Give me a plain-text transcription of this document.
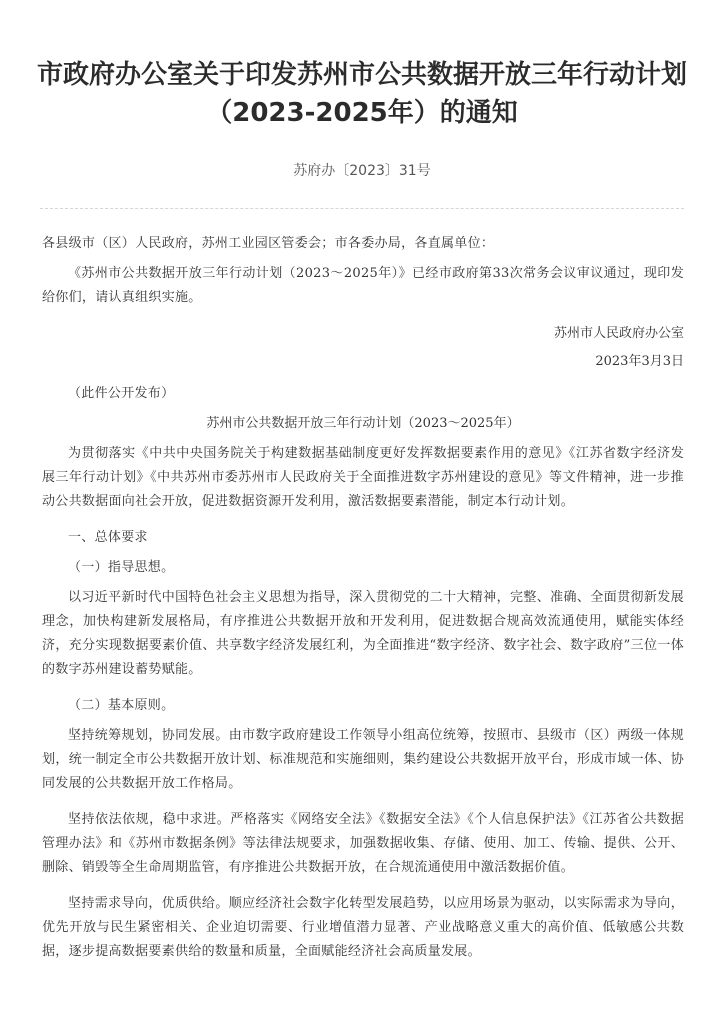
市政府办公室关于印发苏州市公共数据开放三年行动计划（2023-2025年）的通知
苏府办〔2023〕31号

各县级市（区）人民政府，苏州工业园区管委会；市各委办局，各直属单位：

《苏州市公共数据开放三年行动计划（2023～2025年）》已经市政府第33次常务会议审议通过，现印发给你们，请认真组织实施。

苏州市人民政府办公室

2023年3月3日

（此件公开发布）

苏州市公共数据开放三年行动计划（2023～2025年）

为贯彻落实《中共中央国务院关于构建数据基础制度更好发挥数据要素作用的意见》《江苏省数字经济发展三年行动计划》《中共苏州市委苏州市人民政府关于全面推进数字苏州建设的意见》等文件精神，进一步推动公共数据面向社会开放，促进数据资源开发利用，激活数据要素潜能，制定本行动计划。

一、总体要求

（一）指导思想。

以习近平新时代中国特色社会主义思想为指导，深入贯彻党的二十大精神，完整、准确、全面贯彻新发展理念，加快构建新发展格局，有序推进公共数据开放和开发利用，促进数据合规高效流通使用，赋能实体经济，充分实现数据要素价值、共享数字经济发展红利，为全面推进“数字经济、数字社会、数字政府”三位一体的数字苏州建设蓄势赋能。

（二）基本原则。

坚持统筹规划，协同发展。由市数字政府建设工作领导小组高位统筹，按照市、县级市（区）两级一体规划，统一制定全市公共数据开放计划、标准规范和实施细则，集约建设公共数据开放平台，形成市域一体、协同发展的公共数据开放工作格局。

坚持依法依规，稳中求进。严格落实《网络安全法》《数据安全法》《个人信息保护法》《江苏省公共数据管理办法》和《苏州市数据条例》等法律法规要求，加强数据收集、存储、使用、加工、传输、提供、公开、删除、销毁等全生命周期监管，有序推进公共数据开放，在合规流通使用中激活数据价值。

坚持需求导向，优质供给。顺应经济社会数字化转型发展趋势，以应用场景为驱动，以实际需求为导向，优先开放与民生紧密相关、企业迫切需要、行业增值潜力显著、产业战略意义重大的高价值、低敏感公共数据，逐步提高数据要素供给的数量和质量，全面赋能经济社会高质量发展。
